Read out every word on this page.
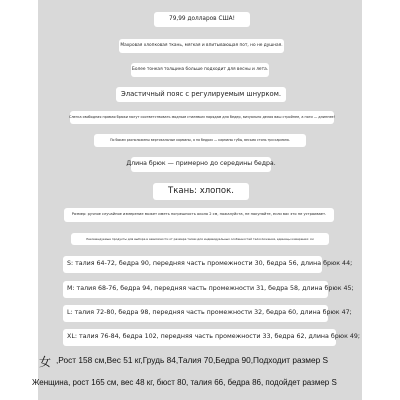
79,99 долларов США!
Махровая хлопковая ткань, мягкая и впитывающая пот, но не душная.
Более тонкая толщина больше подходит для весны и лета.
Эластичный пояс с регулируемым шнурком.
Слегка свободная прямая брюки могут соответствовать модным стилевым нарядам для бедер, визуально делая ваш стройнее, а ноги — длиннее!
По бокам расположены вертикальные карманы, а на бедрах — карманы губы, весьма стиль три кармана.
Длина брюк — примерно до середины бедра.
Ткань: хлопок.
Размер: ручное случайное измерение может иметь погрешность около 2 см, пожалуйста, не покупайте, если вас это не устраивает.
Рекомендуемые продукты для выбора в зависимости от размера талии для индивидуальных особенностей телосложения, единицы измерения: см
S: талия 64-72, бедра 90, передняя часть промежности 30, бедра 56, длина брюк 44;
M: талия 68-76, бедра 94, передняя часть промежности 31, бедра 58, длина брюк 45;
L: талия 72-80, бедра 98, передняя часть промежности 32, бедра 60, длина брюк 47;
XL: талия 76-84, бедра 102, передняя часть промежности 33, бедра 62, длина брюк 49;
女 ,Рост 158 см,Вес 51 кг,Грудь 84,Талия 70,Бедра 90,Подходит размер S
Женщина, рост 165 см, вес 48 кг, бюст 80, талия 66, бедра 86, подойдет размер S
